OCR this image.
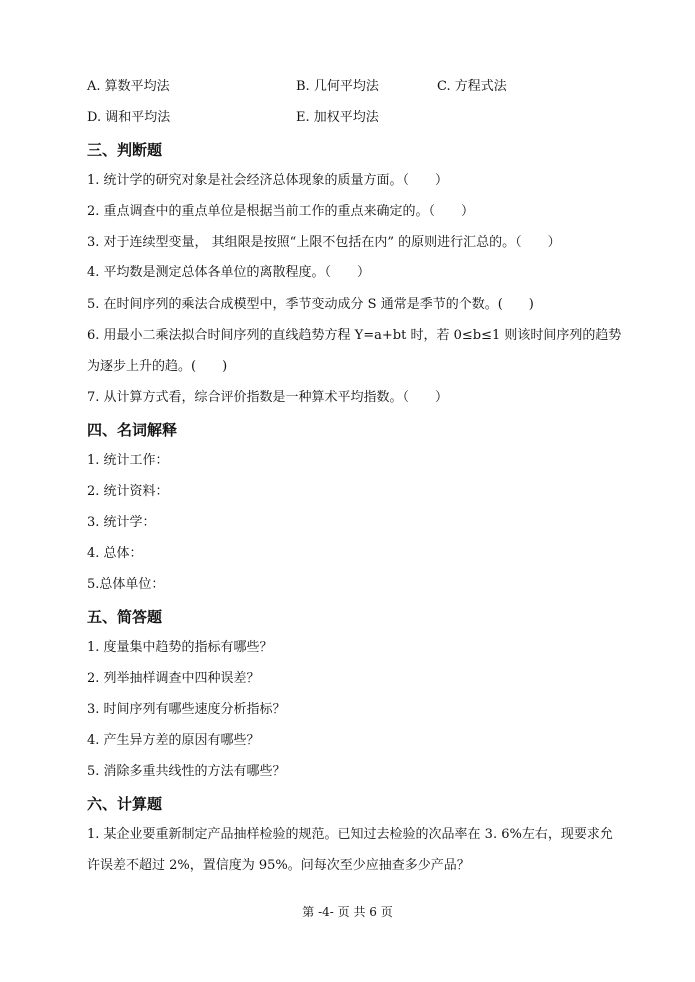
A. 算数平均法	B. 几何平均法	C. 方程式法
D. 调和平均法	E. 加权平均法
三、判断题
1. 统计学的研究对象是社会经济总体现象的质量方面。（　　）
2. 重点调查中的重点单位是根据当前工作的重点来确定的。（　　）
3. 对于连续型变量， 其组限是按照“上限不包括在内” 的原则进行汇总的。（　　）
4. 平均数是测定总体各单位的离散程度。（　　）
5. 在时间序列的乘法合成模型中，季节变动成分 S 通常是季节的个数。(　　)
6. 用最小二乘法拟合时间序列的直线趋势方程 Y=a+bt 时，若 0≤b≤1 则该时间序列的趋势
为逐步上升的趋。(　　)
7. 从计算方式看，综合评价指数是一种算术平均指数。（　　）
四、名词解释
1. 统计工作：
2. 统计资料：
3. 统计学：
4. 总体：
5.总体单位：
五、简答题
1. 度量集中趋势的指标有哪些？
2. 列举抽样调查中四种误差？
3. 时间序列有哪些速度分析指标？
4. 产生异方差的原因有哪些？
5. 消除多重共线性的方法有哪些？
六、计算题
1. 某企业要重新制定产品抽样检验的规范。已知过去检验的次品率在 3. 6%左右，现要求允
许误差不超过 2%，置信度为 95%。问每次至少应抽查多少产品？
第 -4- 页 共 6 页
